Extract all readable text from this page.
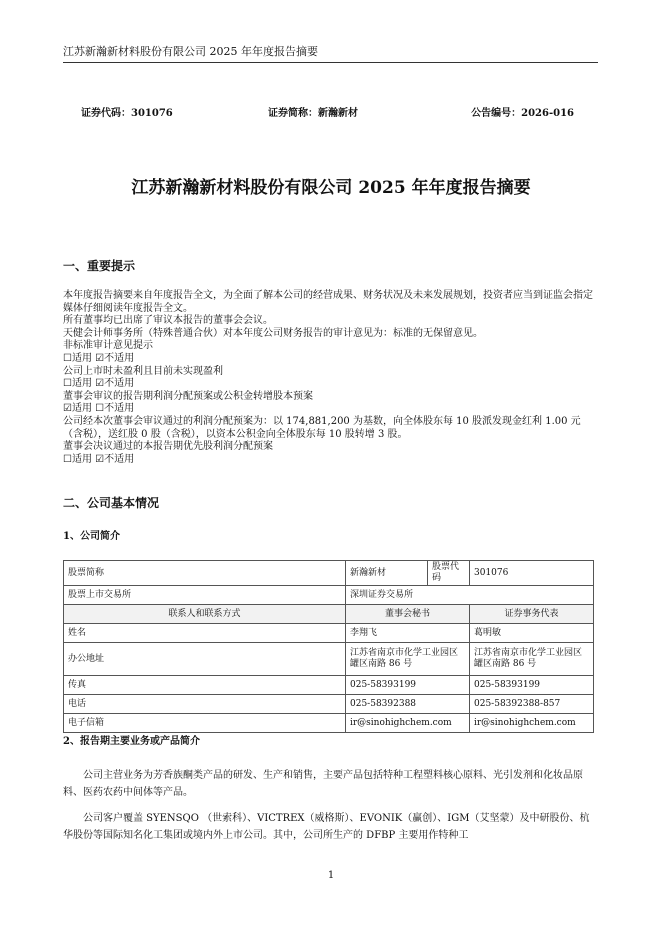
江苏新瀚新材料股份有限公司 2025 年年度报告摘要
证券代码：301076	证券简称：新瀚新材	公告编号：2026-016
江苏新瀚新材料股份有限公司 2025 年年度报告摘要
一、重要提示

本年度报告摘要来自年度报告全文，为全面了解本公司的经营成果、财务状况及未来发展规划，投资者应当到证监会指定媒体仔细阅读年度报告全文。

所有董事均已出席了审议本报告的董事会会议。

天健会计师事务所（特殊普通合伙）对本年度公司财务报告的审计意见为：标准的无保留意见。

非标准审计意见提示

☐适用 ☑不适用

公司上市时未盈利且目前未实现盈利

☐适用 ☑不适用

董事会审议的报告期利润分配预案或公积金转增股本预案

☑适用 ☐不适用

公司经本次董事会审议通过的利润分配预案为：以 174,881,200 为基数，向全体股东每 10 股派发现金红利 1.00 元（含税），送红股 0 股（含税），以资本公积金向全体股东每 10 股转增 3 股。

董事会决议通过的本报告期优先股利润分配预案

☐适用 ☑不适用

二、公司基本情况
1、公司简介
股票简称	新瀚新材	股票代码	301076
股票上市交易所	深圳证券交易所		
联系人和联系方式	董事会秘书		证券事务代表
姓名	李翔飞		葛明敏
办公地址	江苏省南京市化学工业园区罐区南路 86 号		江苏省南京市化学工业园区罐区南路 86 号
传真	025-58393199		025-58393199
电话	025-58392388		025-58392388-857
电子信箱	ir@sinohighchem.com		ir@sinohighchem.com
2、报告期主要业务或产品简介

公司主营业务为芳香族酮类产品的研发、生产和销售，主要产品包括特种工程塑料核心原料、光引发剂和化妆品原料、医药农药中间体等产品。

公司客户覆盖 SYENSQO （世索科）、VICTREX（威格斯）、EVONIK（赢创）、IGM（艾坚蒙）及中研股份、杭华股份等国际知名化工集团或境内外上市公司。其中，公司所生产的 DFBP 主要用作特种工

1
